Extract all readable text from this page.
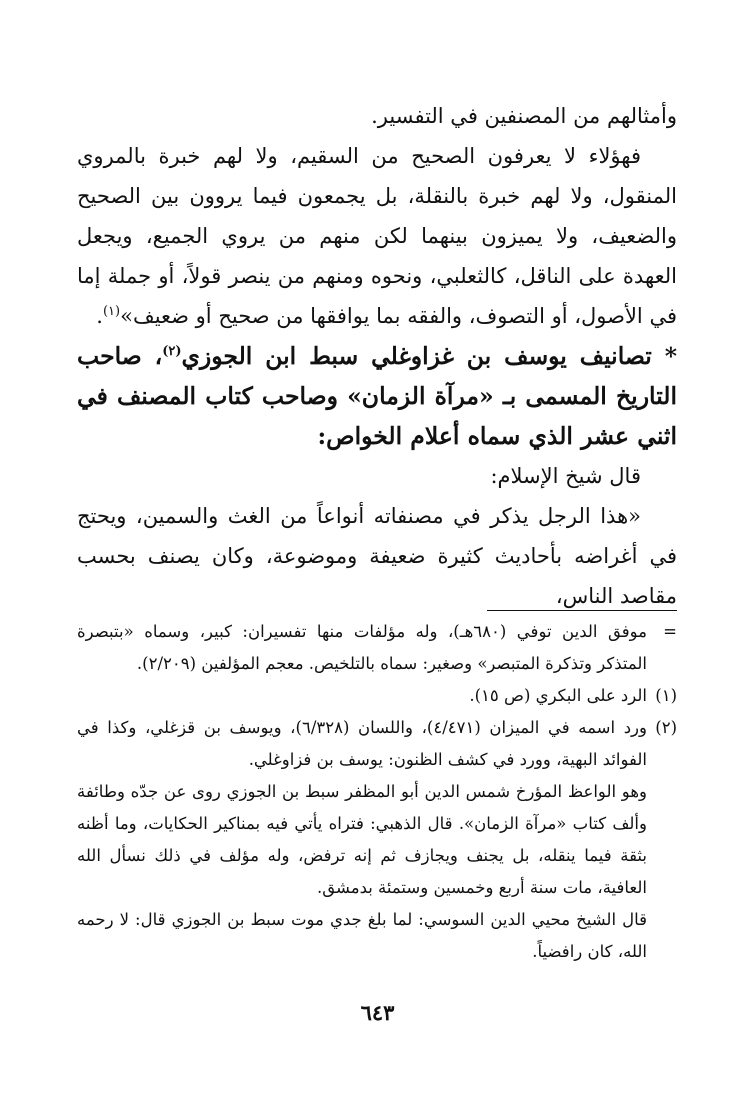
وأمثالهم من المصنفين في التفسير.

فهؤلاء لا يعرفون الصحيح من السقيم، ولا لهم خبرة بالمروي المنقول، ولا لهم خبرة بالنقلة، بل يجمعون فيما يروون بين الصحيح والضعيف، ولا يميزون بينهما لكن منهم من يروي الجميع، ويجعل العهدة على الناقل، كالثعلبي، ونحوه ومنهم من ينصر قولاً، أو جملة إما في الأصول، أو التصوف، والفقه بما يوافقها من صحيح أو ضعيف»$^{(١)}$.

* تصانيف يوسف بن غزاوغلي سبط ابن الجوزي$^{(٢)}$، صاحب التاريخ المسمى بـ «مرآة الزمان» وصاحب كتاب المصنف في اثني عشر الذي سماه أعلام الخواص:

قال شيخ الإسلام:

«هذا الرجل يذكر في مصنفاته أنواعاً من الغث والسمين، ويحتج في أغراضه بأحاديث كثيرة ضعيفة وموضوعة، وكان يصنف بحسب مقاصد الناس،

=

موفق الدين توفي (٦٨٠هـ)، وله مؤلفات منها تفسيران: كبير، وسماه «بتبصرة المتذكر وتذكرة المتبصر» وصغير: سماه بالتلخيص. معجم المؤلفين (٢/٢٠٩).

(١)

الرد على البكري (ص ١٥).

(٢)

ورد اسمه في الميزان (٤/٤٧١)، واللسان (٦/٣٢٨)، ويوسف بن قزغلي، وكذا في الفوائد البهية، وورد في كشف الظنون: يوسف بن فزاوغلي.

وهو الواعظ المؤرخ شمس الدين أبو المظفر سبط بن الجوزي روى عن جدّه وطائفة وألف كتاب «مرآة الزمان». قال الذهبي: فتراه يأتي فيه بمناكير الحكايات، وما أظنه بثقة فيما ينقله، بل يجنف ويجازف ثم إنه ترفض، وله مؤلف في ذلك نسأل الله العافية، مات سنة أربع وخمسين وستمئة بدمشق.

قال الشيخ محيي الدين السوسي: لما بلغ جدي موت سبط بن الجوزي قال: لا رحمه الله، كان رافضياً.

٦٤٣
